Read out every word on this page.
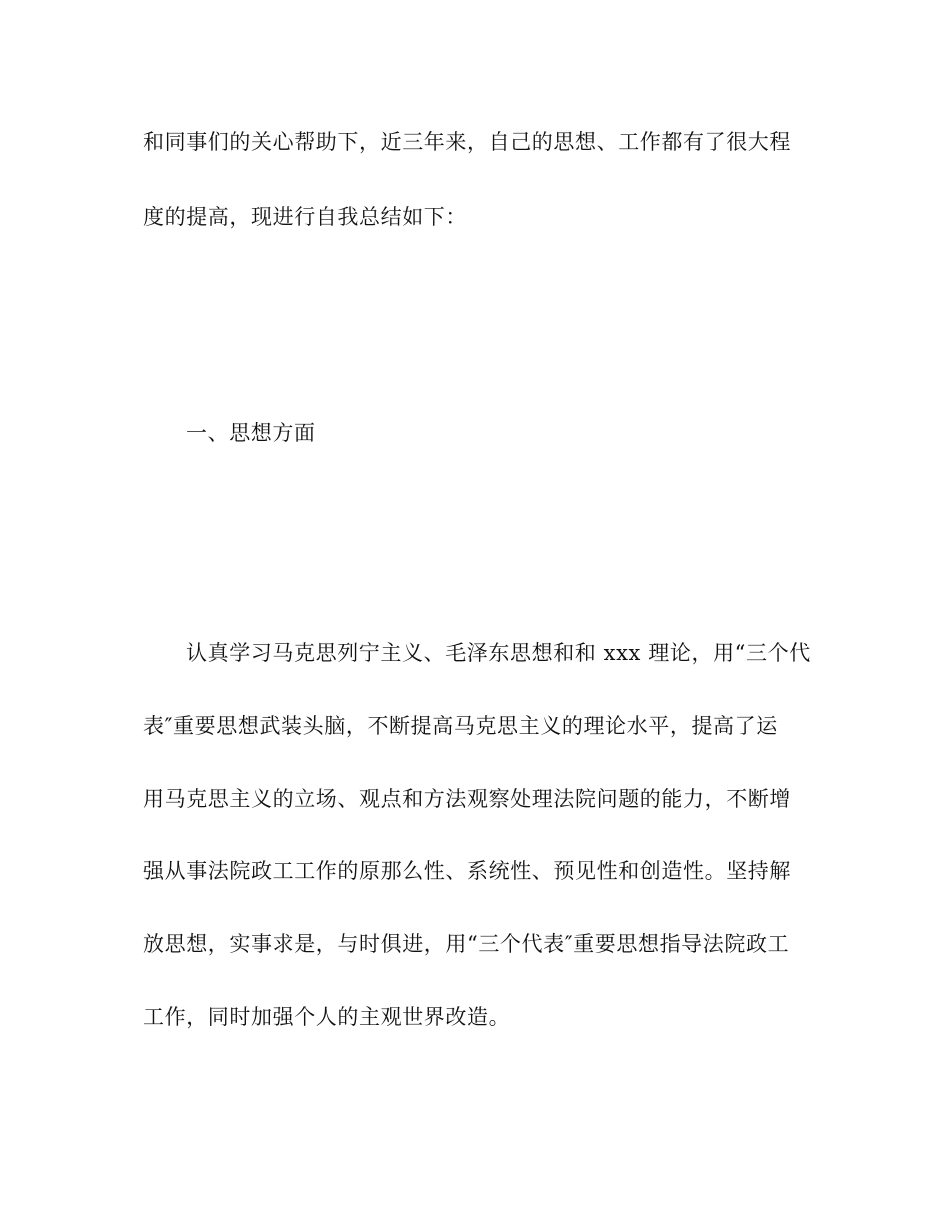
和同事们的关心帮助下，近三年来，自己的思想、工作都有了很大程
度的提高，现进行自我总结如下：
一、思想方面
认真学习马克思列宁主义、毛泽东思想和和 xxx 理论，用“三个代
表″重要思想武装头脑，不断提高马克思主义的理论水平，提高了运
用马克思主义的立场、观点和方法观察处理法院问题的能力，不断增
强从事法院政工工作的原那么性、系统性、预见性和创造性。坚持解
放思想，实事求是，与时俱进，用“三个代表″重要思想指导法院政工
工作，同时加强个人的主观世界改造。
